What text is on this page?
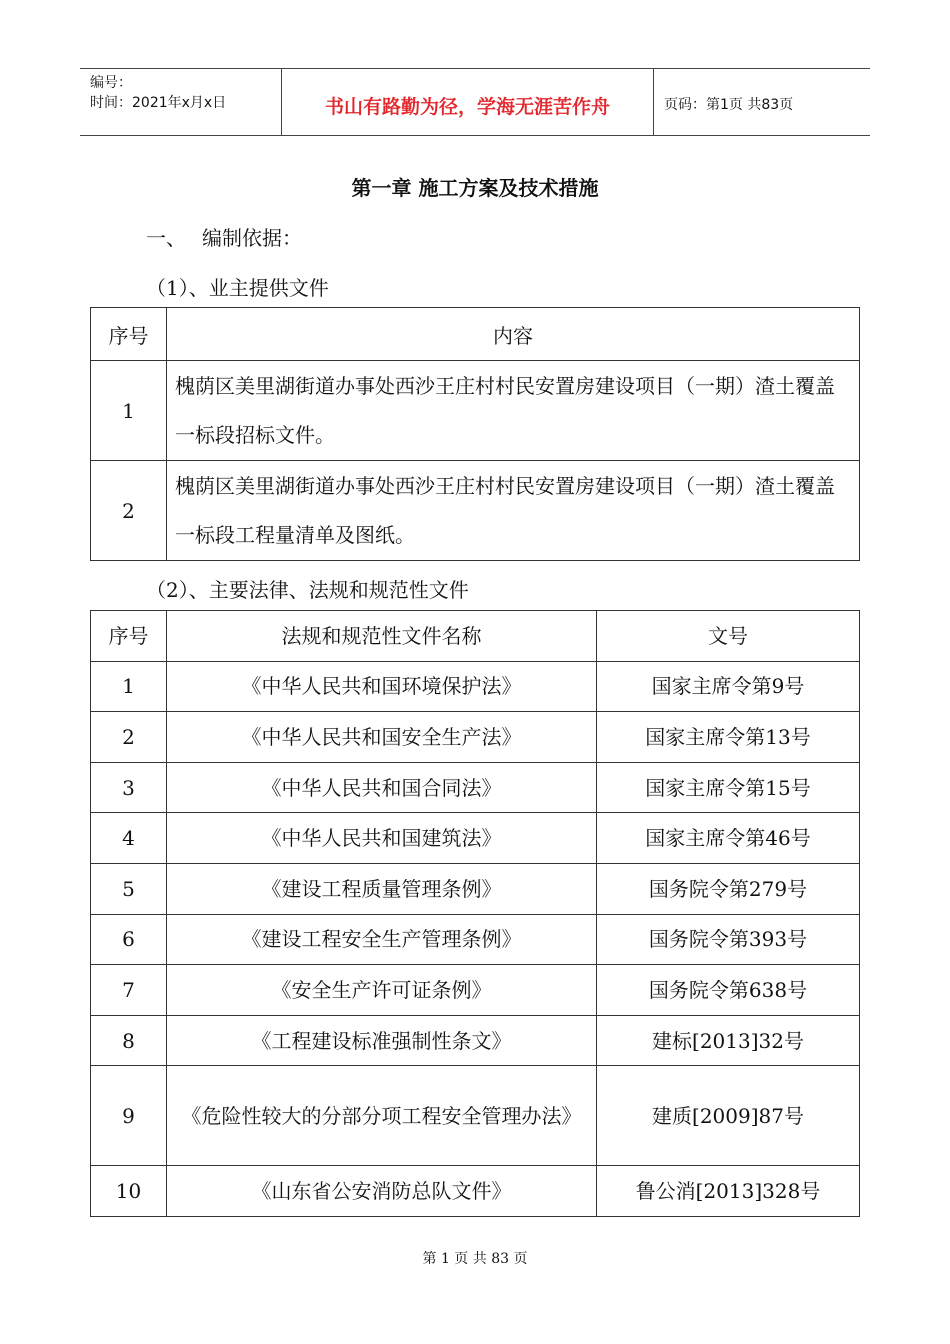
编号：
时间：2021年x月x日	书山有路勤为径，学海无涯苦作舟	页码：第1页 共83页
第一章 施工方案及技术措施
一、 编制依据：
（1）、业主提供文件
序号	内容
1	槐荫区美里湖街道办事处西沙王庄村村民安置房建设项目（一期）渣土覆盖一标段招标文件。
2	槐荫区美里湖街道办事处西沙王庄村村民安置房建设项目（一期）渣土覆盖一标段工程量清单及图纸。
（2）、主要法律、法规和规范性文件
序号	法规和规范性文件名称	文号
1	《中华人民共和国环境保护法》	国家主席令第9号
2	《中华人民共和国安全生产法》	国家主席令第13号
3	《中华人民共和国合同法》	国家主席令第15号
4	《中华人民共和国建筑法》	国家主席令第46号
5	《建设工程质量管理条例》	国务院令第279号
6	《建设工程安全生产管理条例》	国务院令第393号
7	《安全生产许可证条例》	国务院令第638号
8	《工程建设标准强制性条文》	建标[2013]32号
9	《危险性较大的分部分项工程安全管理办法》	建质[2009]87号
10	《山东省公安消防总队文件》	鲁公消[2013]328号
第 1 页 共 83 页
